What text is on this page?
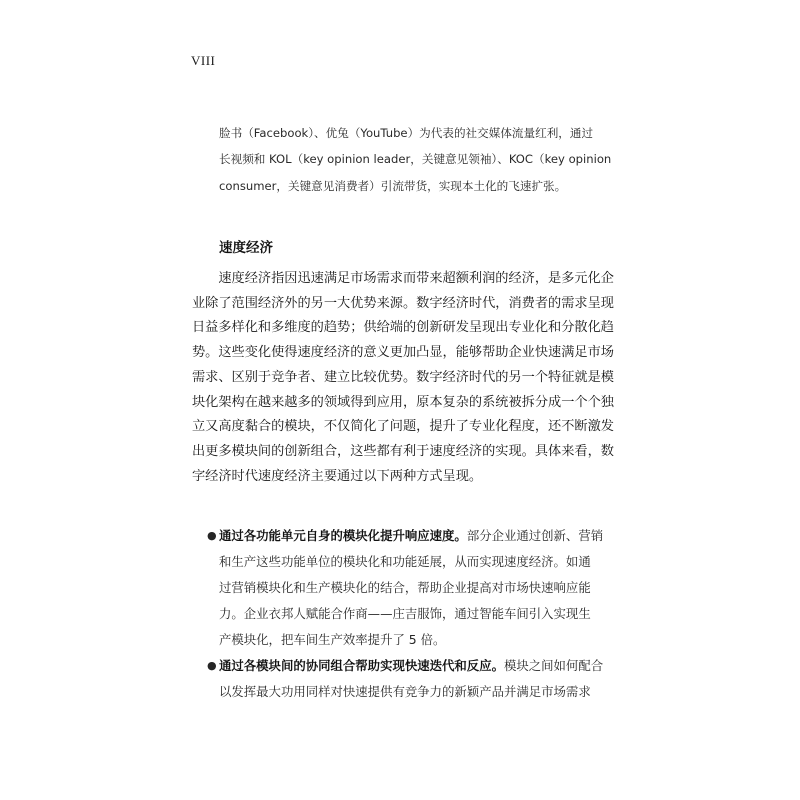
VIII

脸书（Facebook）、优兔（YouTube）为代表的社交媒体流量红利，通过

长视频和 KOL（key opinion leader，关键意见领袖）、KOC（key opinion

consumer，关键意见消费者）引流带货，实现本土化的飞速扩张。

速度经济

　　速度经济指因迅速满足市场需求而带来超额利润的经济，是多元化企

业除了范围经济外的另一大优势来源。数字经济时代，消费者的需求呈现

日益多样化和多维度的趋势；供给端的创新研发呈现出专业化和分散化趋

势。这些变化使得速度经济的意义更加凸显，能够帮助企业快速满足市场

需求、区别于竞争者、建立比较优势。数字经济时代的另一个特征就是模

块化架构在越来越多的领域得到应用，原本复杂的系统被拆分成一个个独

立又高度黏合的模块，不仅简化了问题，提升了专业化程度，还不断激发

出更多模块间的创新组合，这些都有利于速度经济的实现。具体来看，数

字经济时代速度经济主要通过以下两种方式呈现。

● 通过各功能单元自身的模块化提升响应速度。部分企业通过创新、营销

和生产这些功能单位的模块化和功能延展，从而实现速度经济。如通

过营销模块化和生产模块化的结合，帮助企业提高对市场快速响应能

力。企业衣邦人赋能合作商——庄吉服饰，通过智能车间引入实现生

产模块化，把车间生产效率提升了 5 倍。

● 通过各模块间的协同组合帮助实现快速迭代和反应。模块之间如何配合

以发挥最大功用同样对快速提供有竞争力的新颖产品并满足市场需求
